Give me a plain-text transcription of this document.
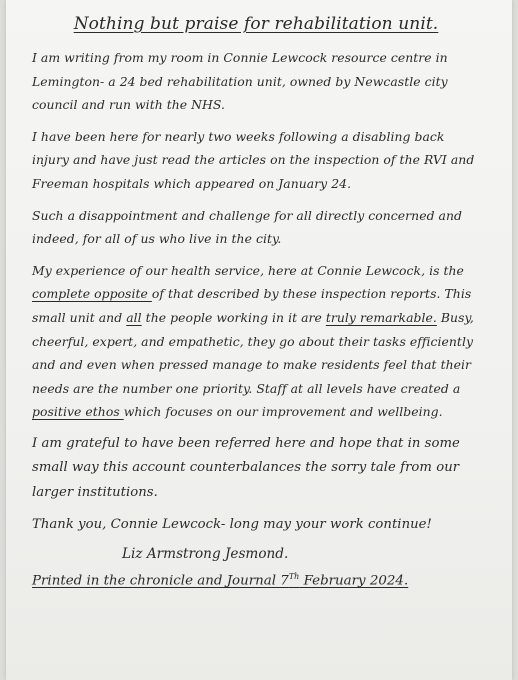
Nothing but praise for rehabilitation unit.

I am writing from my room in Connie Lewcock resource centre in Lemington- a 24 bed rehabilitation unit, owned by Newcastle city council and run with the NHS.

I have been here for nearly two weeks following a disabling back injury and have just read the articles on the inspection of the RVI and Freeman hospitals which appeared on January 24.

Such a disappointment and challenge for all directly concerned and indeed, for all of us who live in the city.

My experience of our health service, here at Connie Lewcock, is the complete opposite of that described by these inspection reports. This small unit and all the people working in it are truly remarkable. Busy, cheerful, expert, and empathetic, they go about their tasks efficiently and and even when pressed manage to make residents feel that their needs are the number one priority. Staff at all levels have created a positive ethos which focuses on our improvement and wellbeing.

I am grateful to have been referred here and hope that in some small way this account counterbalances the sorry tale from our larger institutions.

Thank you, Connie Lewcock- long may your work continue!

Liz Armstrong Jesmond.

Printed in the chronicle and Journal 7Th February 2024.
